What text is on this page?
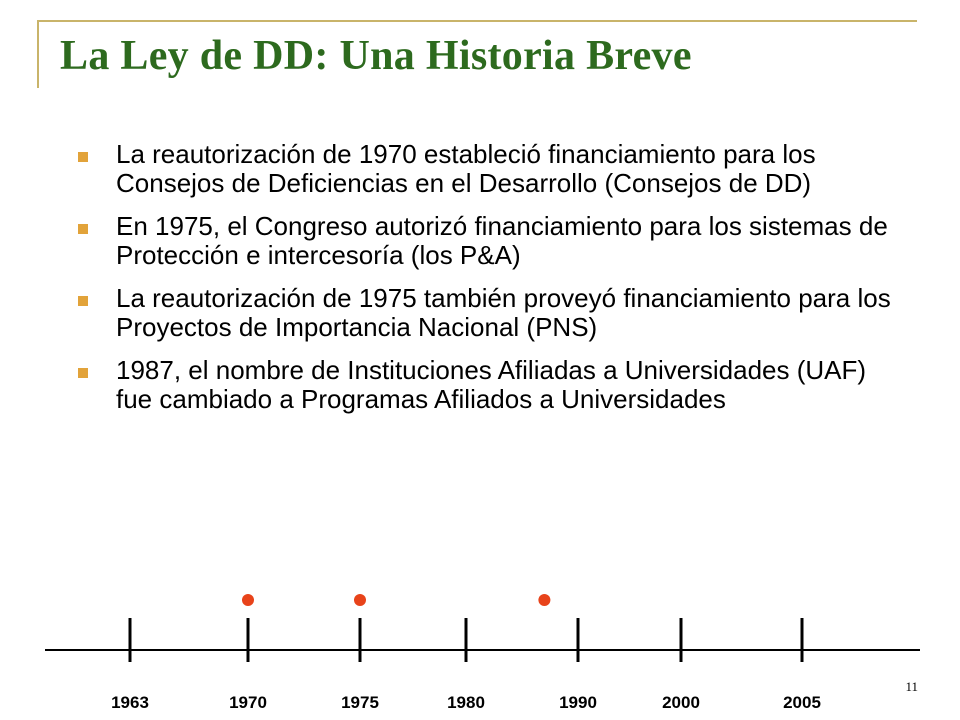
La Ley de DD: Una Historia Breve
La reautorización de 1970 estableció financiamiento para los Consejos de Deficiencias en el Desarrollo (Consejos de DD)
En 1975, el Congreso autorizó financiamiento para los sistemas de Protección e intercesoría (los P&A)
La reautorización de 1975 también proveyó financiamiento para los Proyectos de Importancia Nacional (PNS)
1987, el nombre de Instituciones Afiliadas a Universidades (UAF) fue cambiado a Programas Afiliados a Universidades
1963	1970	1975	1980	1990	2000	2005
11
